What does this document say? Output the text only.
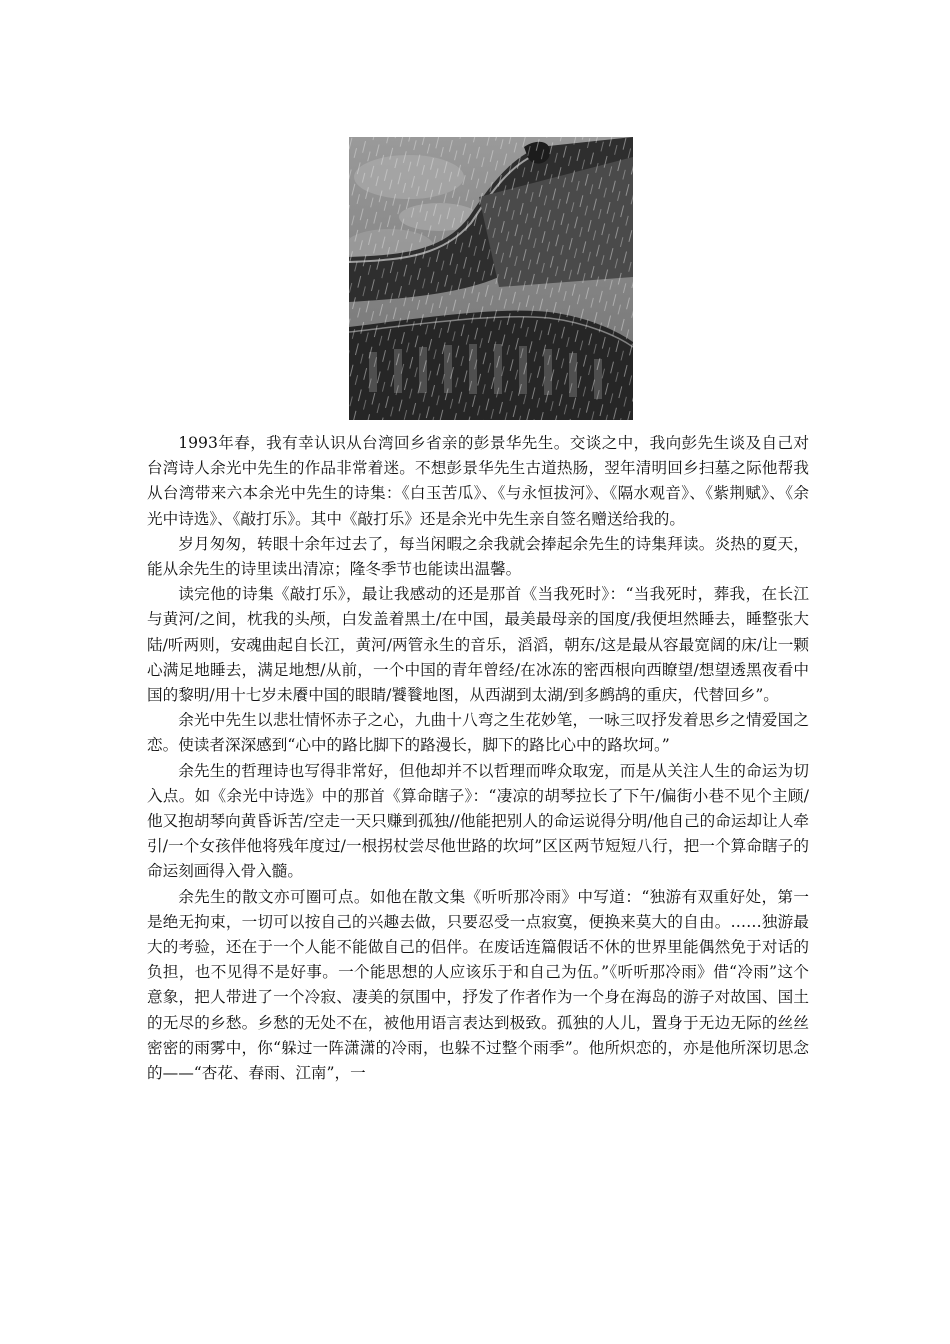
1993年春，我有幸认识从台湾回乡省亲的彭景华先生。交谈之中，我向彭先生谈及自己对台湾诗人余光中先生的作品非常着迷。不想彭景华先生古道热肠，翌年清明回乡扫墓之际他帮我从台湾带来六本余光中先生的诗集：《白玉苦瓜》、《与永恒拔河》、《隔水观音》、《紫荆赋》、《余光中诗选》、《敲打乐》。其中《敲打乐》还是余光中先生亲自签名赠送给我的。

岁月匆匆，转眼十余年过去了，每当闲暇之余我就会捧起余先生的诗集拜读。炎热的夏天，能从余先生的诗里读出清凉；隆冬季节也能读出温馨。

读完他的诗集《敲打乐》，最让我感动的还是那首《当我死时》：“当我死时，葬我，在长江与黄河/之间，枕我的头颅，白发盖着黑土/在中国，最美最母亲的国度/我便坦然睡去，睡整张大陆/听两则，安魂曲起自长江，黄河/两管永生的音乐，滔滔，朝东/这是最从容最宽阔的床/让一颗心满足地睡去，满足地想/从前，一个中国的青年曾经/在冰冻的密西根向西瞭望/想望透黑夜看中国的黎明/用十七岁未餍中国的眼睛/饕餮地图，从西湖到太湖/到多鹧鸪的重庆，代替回乡”。

余光中先生以悲壮情怀赤子之心，九曲十八弯之生花妙笔，一咏三叹抒发着思乡之情爱国之恋。使读者深深感到“心中的路比脚下的路漫长，脚下的路比心中的路坎坷。”

余先生的哲理诗也写得非常好，但他却并不以哲理而哗众取宠，而是从关注人生的命运为切入点。如《余光中诗选》中的那首《算命瞎子》：“凄凉的胡琴拉长了下午/偏街小巷不见个主顾/他又抱胡琴向黄昏诉苦/空走一天只赚到孤独//他能把别人的命运说得分明/他自己的命运却让人牵引/一个女孩伴他将残年度过/一根拐杖尝尽他世路的坎坷”区区两节短短八行，把一个算命瞎子的命运刻画得入骨入髓。

余先生的散文亦可圈可点。如他在散文集《听听那冷雨》中写道：“独游有双重好处，第一是绝无拘束，一切可以按自己的兴趣去做，只要忍受一点寂寞，便换来莫大的自由。……独游最大的考验，还在于一个人能不能做自己的侣伴。在废话连篇假话不休的世界里能偶然免于对话的负担，也不见得不是好事。一个能思想的人应该乐于和自己为伍。”《听听那冷雨》借“冷雨”这个意象，把人带进了一个冷寂、凄美的氛围中，抒发了作者作为一个身在海岛的游子对故国、国土的无尽的乡愁。乡愁的无处不在，被他用语言表达到极致。孤独的人儿，置身于无边无际的丝丝密密的雨雾中，你“躲过一阵潇潇的冷雨，也躲不过整个雨季”。他所炽恋的，亦是他所深切思念的——“杏花、春雨、江南”，一
